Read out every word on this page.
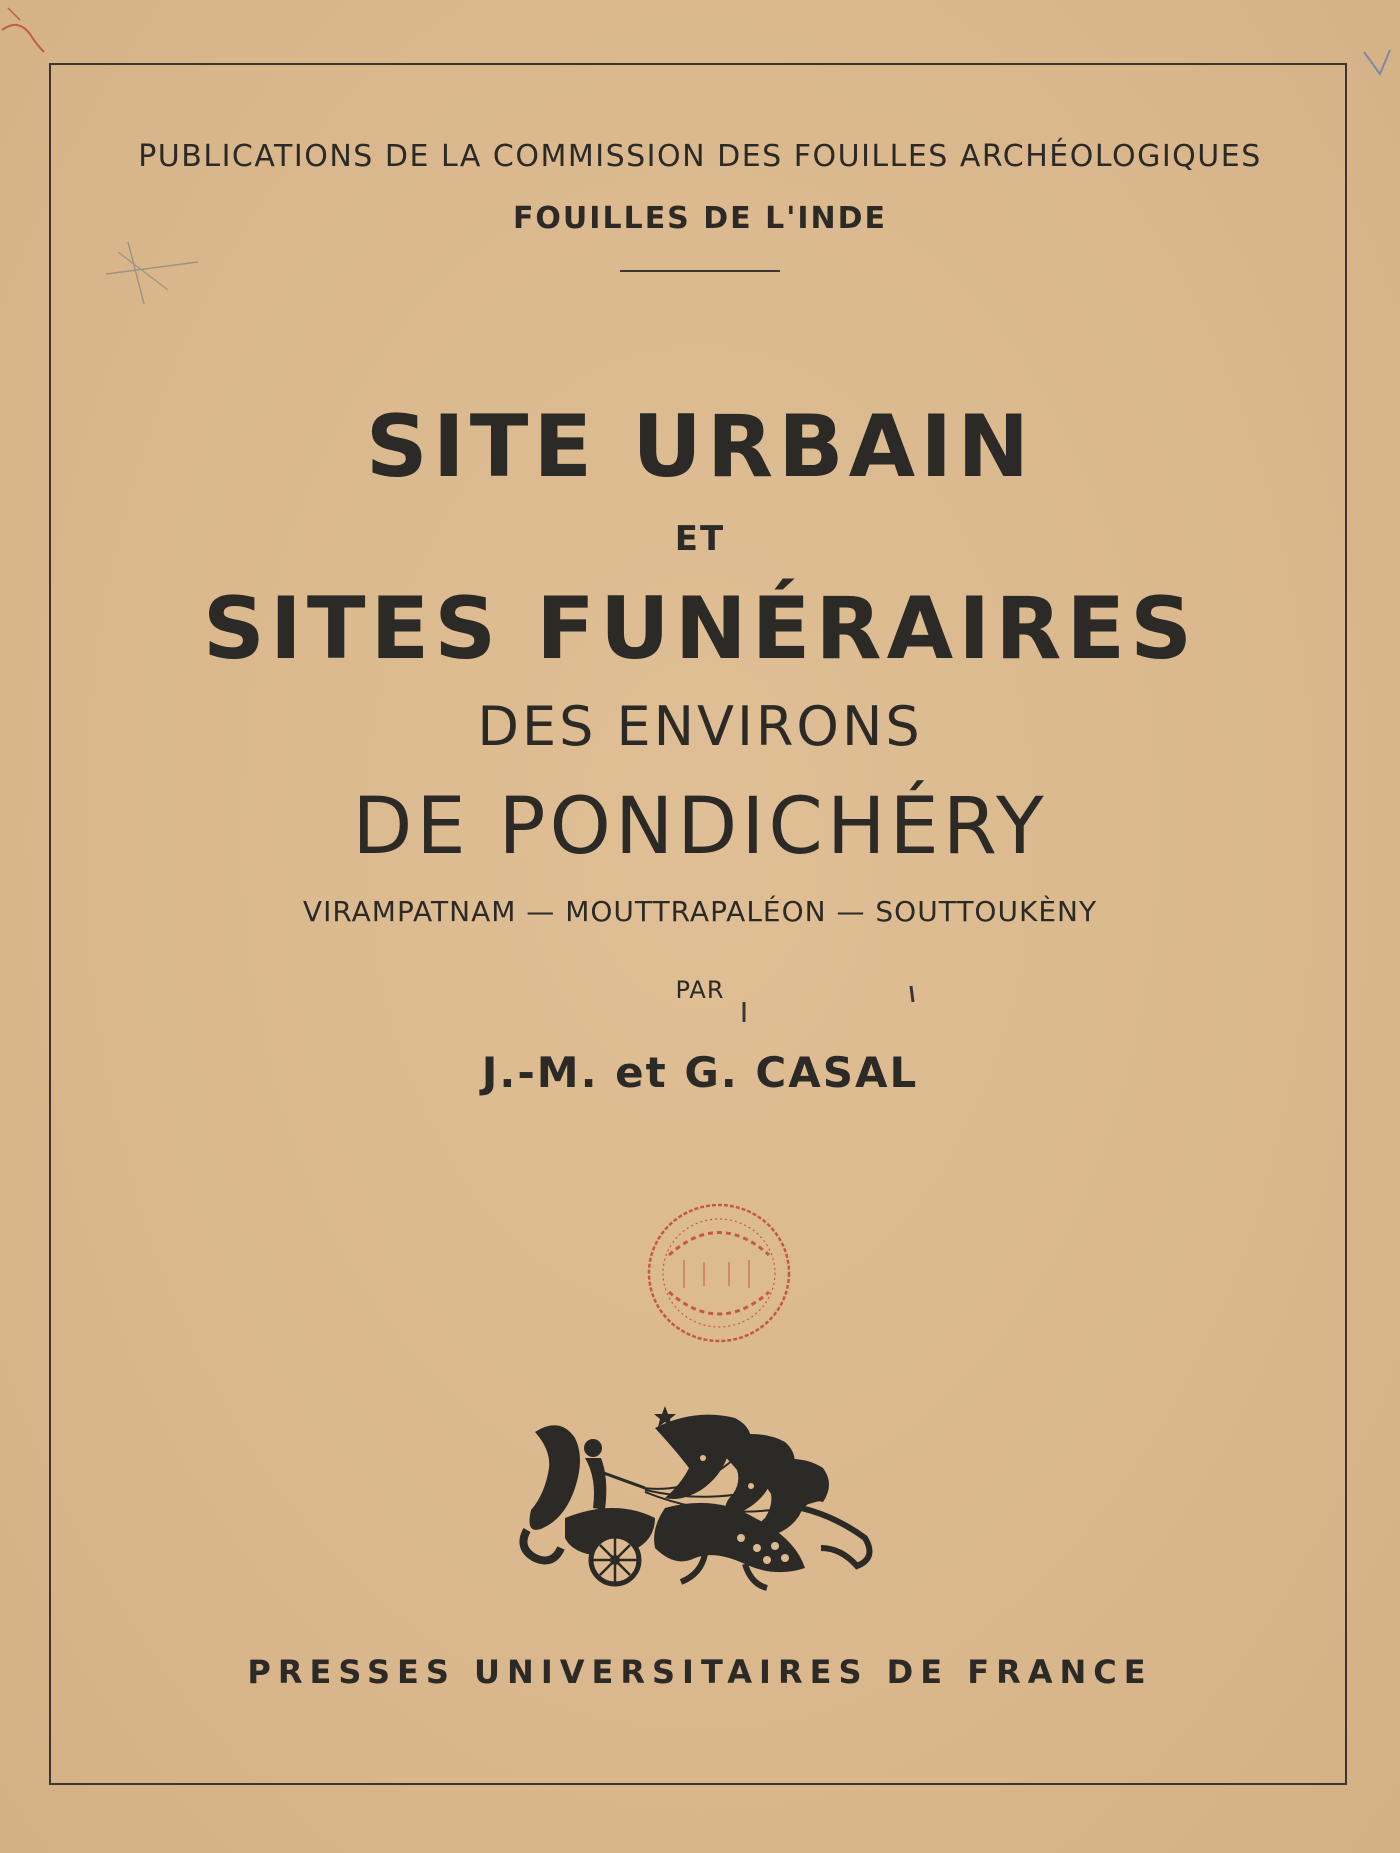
PUBLICATIONS DE LA COMMISSION DES FOUILLES ARCHÉOLOGIQUES
FOUILLES DE L'INDE
SITE URBAIN
ET
SITES FUNÉRAIRES
DES ENVIRONS
DE PONDICHÉRY
VIRAMPATNAM — MOUTTRAPALÉON — SOUTTOUKÈNY
PAR
J.-M. et G. CASAL
PRESSES UNIVERSITAIRES DE FRANCE
